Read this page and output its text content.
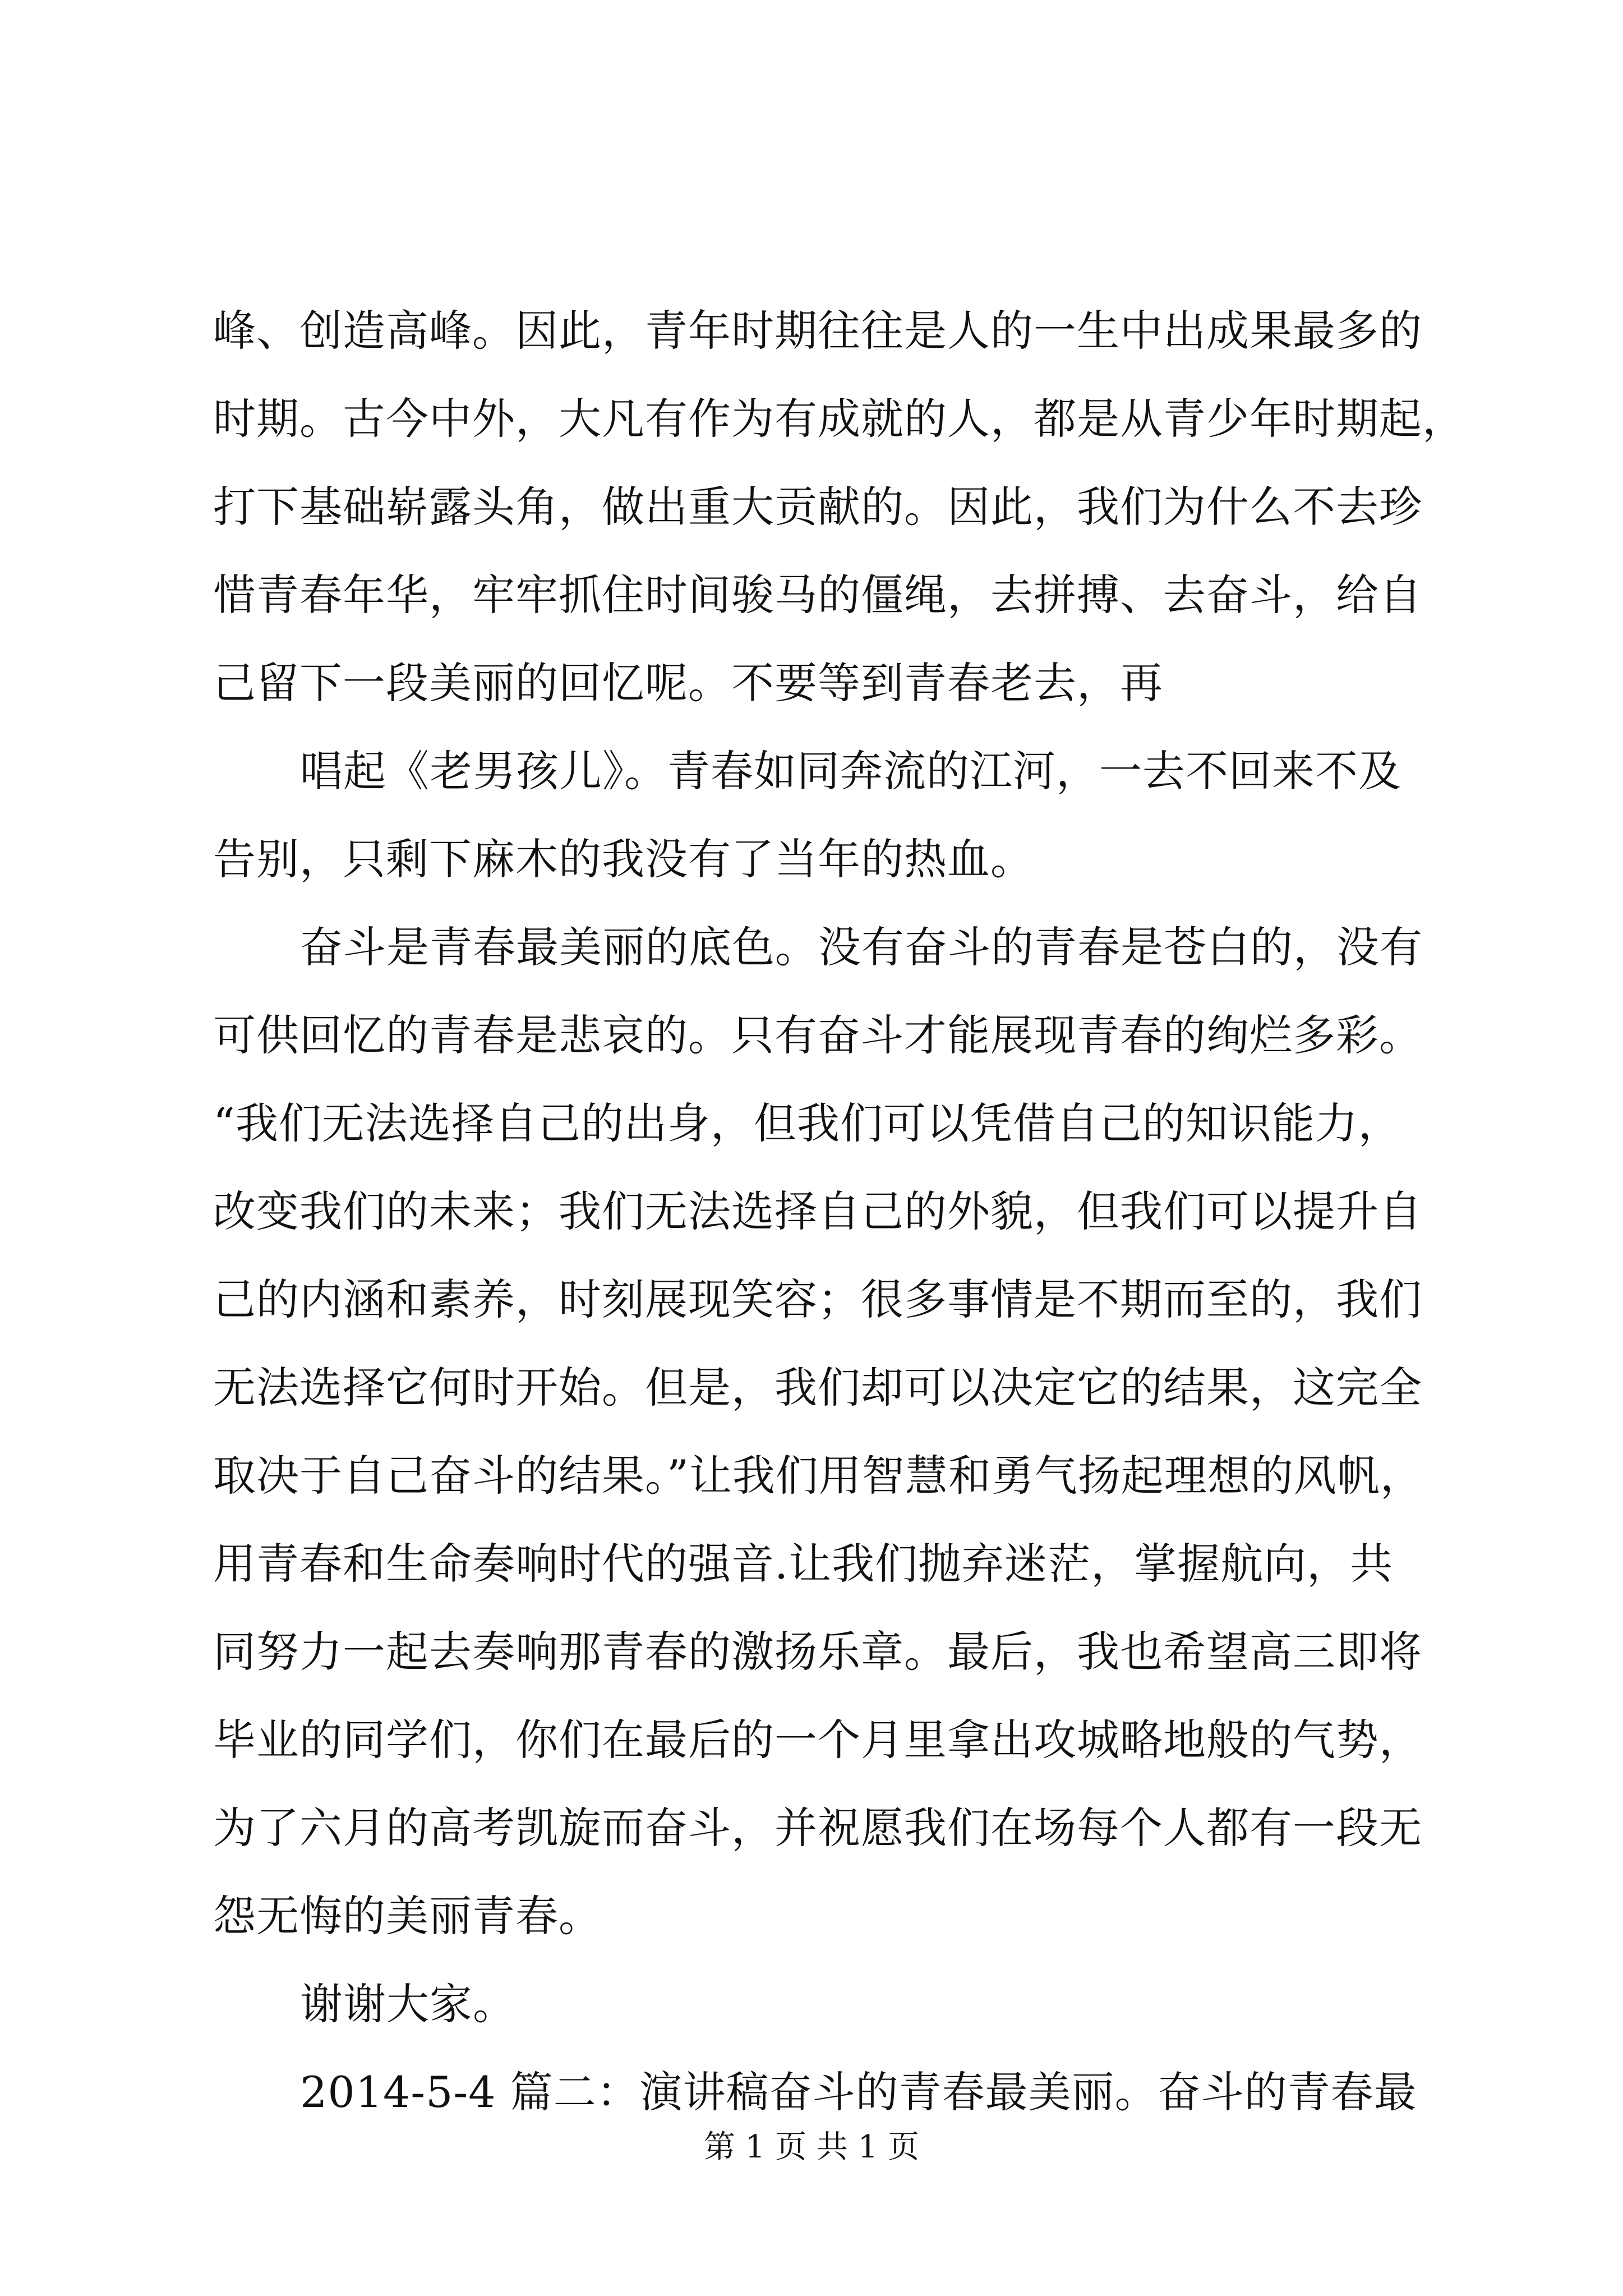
峰、创造高峰。因此，青年时期往往是人的一生中出成果最多的
时期。古今中外，大凡有作为有成就的人，都是从青少年时期起，
打下基础崭露头角，做出重大贡献的。因此，我们为什么不去珍
惜青春年华，牢牢抓住时间骏马的僵绳，去拼搏、去奋斗，给自
己留下一段美丽的回忆呢。不要等到青春老去，再
唱起《老男孩儿》。青春如同奔流的江河，一去不回来不及
告别，只剩下麻木的我没有了当年的热血。
奋斗是青春最美丽的底色。没有奋斗的青春是苍白的，没有
可供回忆的青春是悲哀的。只有奋斗才能展现青春的绚烂多彩。
“我们无法选择自己的出身，但我们可以凭借自己的知识能力，
改变我们的未来；我们无法选择自己的外貌，但我们可以提升自
己的内涵和素养，时刻展现笑容；很多事情是不期而至的，我们
无法选择它何时开始。但是，我们却可以决定它的结果，这完全
取决于自己奋斗的结果。”让我们用智慧和勇气扬起理想的风帆，
用青春和生命奏响时代的强音.让我们抛弃迷茫，掌握航向，共
同努力一起去奏响那青春的激扬乐章。最后，我也希望高三即将
毕业的同学们，你们在最后的一个月里拿出攻城略地般的气势，
为了六月的高考凯旋而奋斗，并祝愿我们在场每个人都有一段无
怨无悔的美丽青春。
谢谢大家。
2014-5-4 篇二：演讲稿奋斗的青春最美丽。奋斗的青春最
第 1 页 共 1 页
